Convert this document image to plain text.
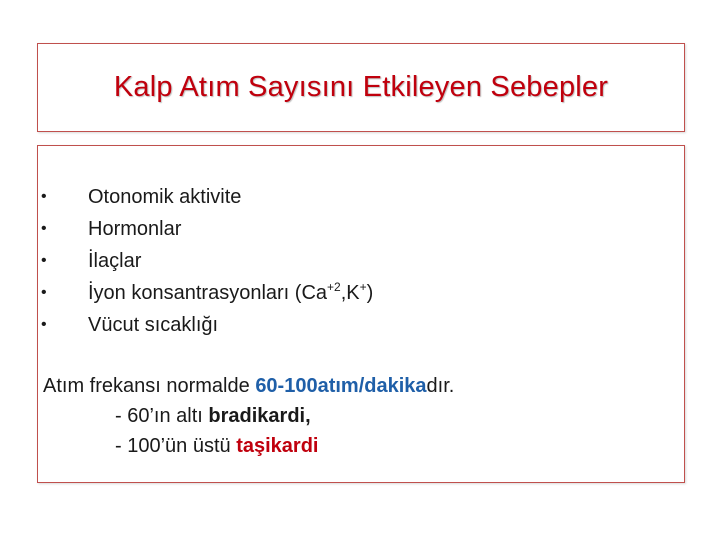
Kalp Atım Sayısını Etkileyen Sebepler
• Otonomik aktivite
• Hormonlar
• İlaçlar
• İyon konsantrasyonları $(Ca^{+2},K^+)$
• Vücut sıcaklığı
Atım frekansı normalde 60-100atım/dakikadır.
- 60’ın altı bradikardi,
- 100’ün üstü taşikardi
